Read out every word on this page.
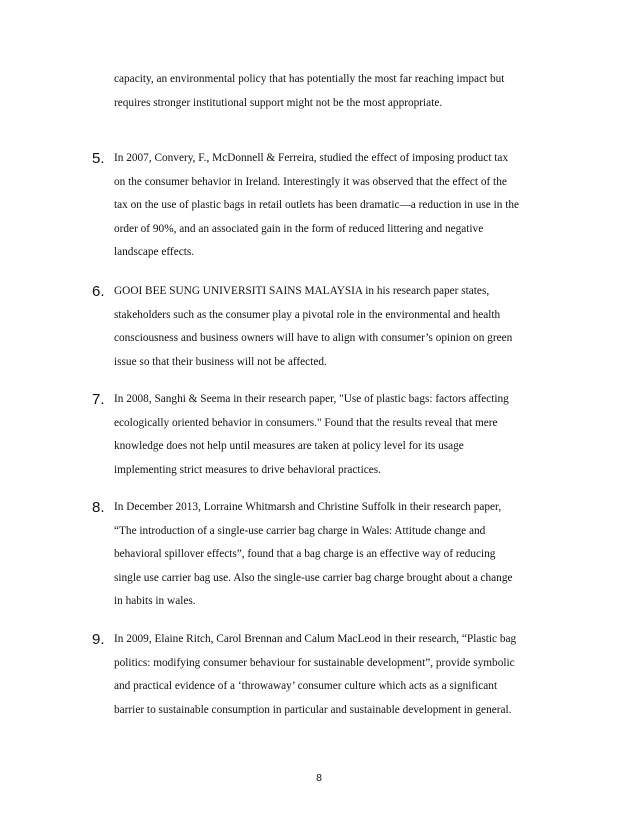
capacity, an environmental policy that has potentially the most far reaching impact but
requires stronger institutional support might not be the most appropriate.
5. In 2007, Convery, F., McDonnell & Ferreira, studied the effect of imposing product tax
on the consumer behavior in Ireland. Interestingly it was observed that the effect of the
tax on the use of plastic bags in retail outlets has been dramatic—a reduction in use in the
order of 90%, and an associated gain in the form of reduced littering and negative
landscape effects.
6. GOOI BEE SUNG UNIVERSITI SAINS MALAYSIA in his research paper states,
stakeholders such as the consumer play a pivotal role in the environmental and health
consciousness and business owners will have to align with consumer’s opinion on green
issue so that their business will not be affected.
7. In 2008, Sanghi & Seema in their research paper, "Use of plastic bags: factors affecting
ecologically oriented behavior in consumers." Found that the results reveal that mere
knowledge does not help until measures are taken at policy level for its usage
implementing strict measures to drive behavioral practices.
8. In December 2013, Lorraine Whitmarsh and Christine Suffolk in their research paper,
“The introduction of a single-use carrier bag charge in Wales: Attitude change and
behavioral spillover effects”, found that a bag charge is an effective way of reducing
single use carrier bag use. Also the single-use carrier bag charge brought about a change
in habits in wales.
9. In 2009, Elaine Ritch, Carol Brennan and Calum MacLeod in their research, “Plastic bag
politics: modifying consumer behaviour for sustainable development”, provide symbolic
and practical evidence of a ‘throwaway’ consumer culture which acts as a significant
barrier to sustainable consumption in particular and sustainable development in general.
8
